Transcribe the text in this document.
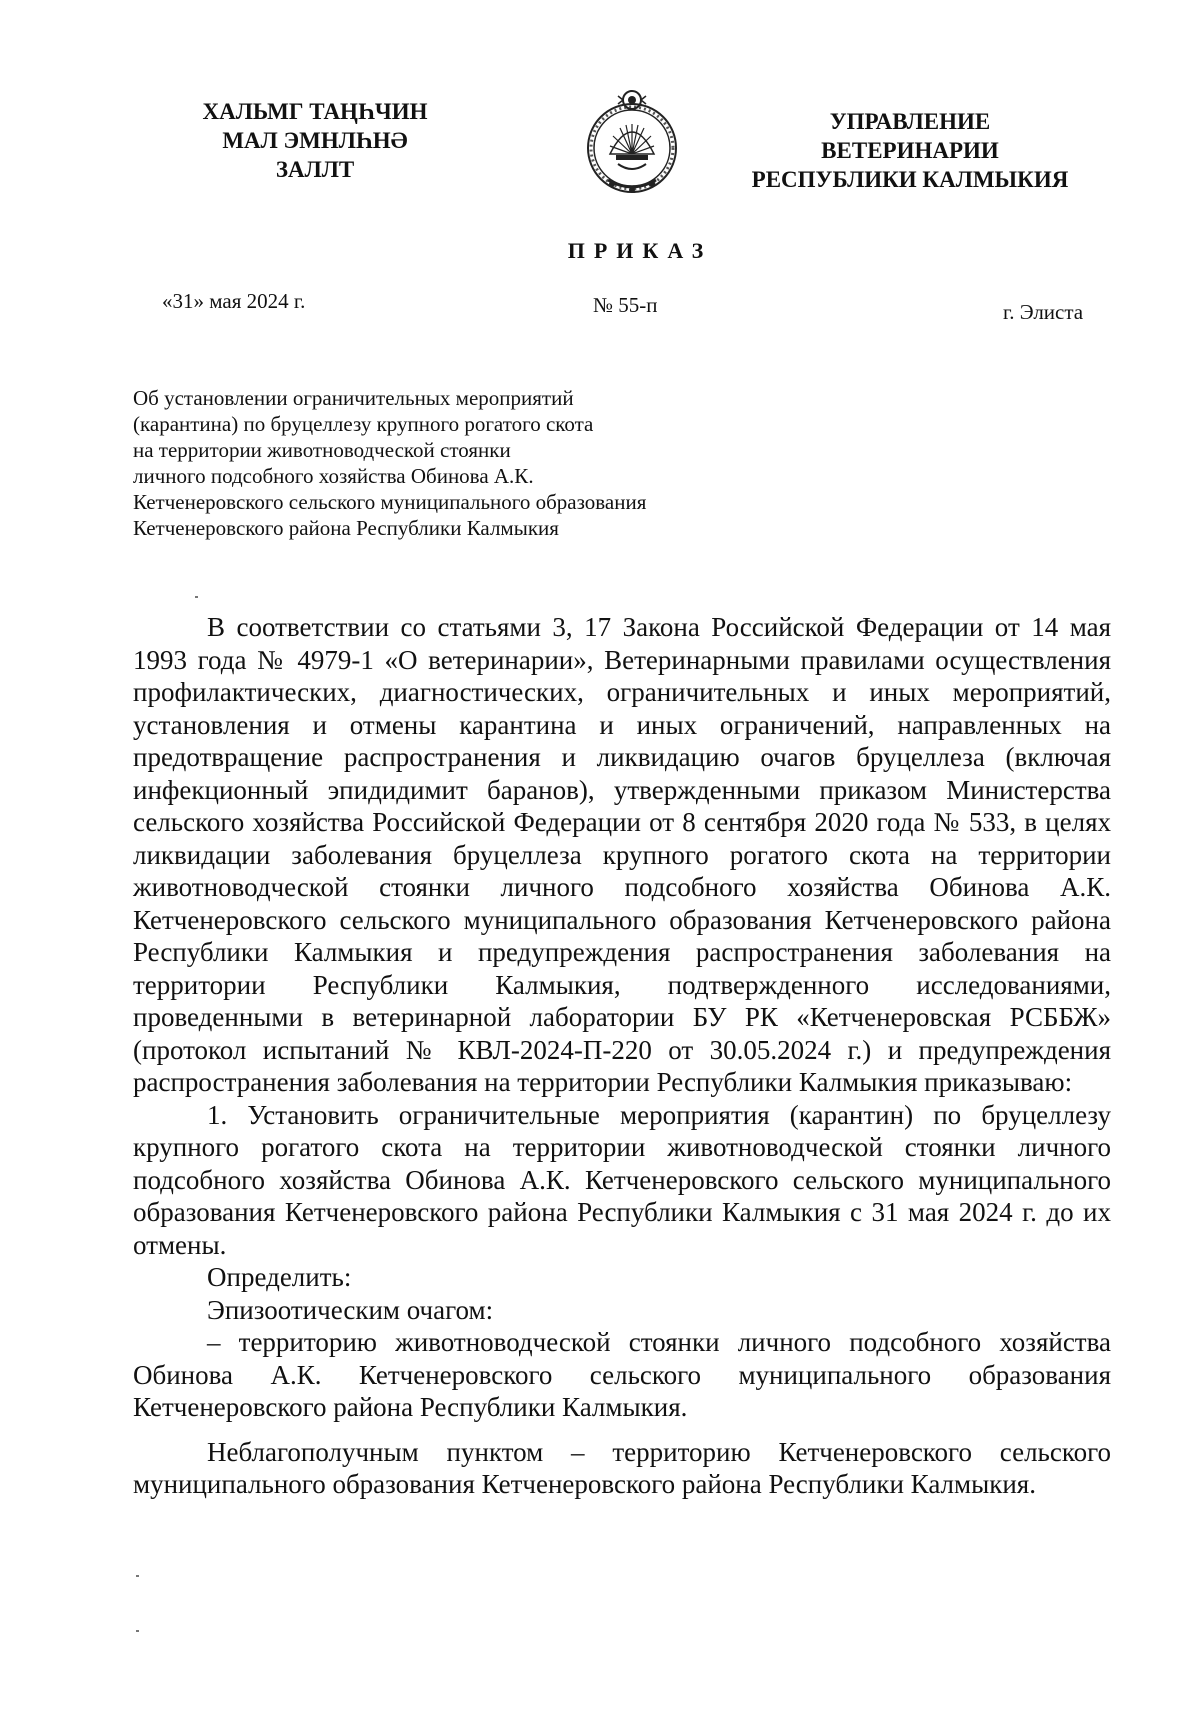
ХАЛЬМГ ТАҢҺЧИН
МАЛ ЭМНЛҺНӘ
ЗАЛЛТ
УПРАВЛЕНИЕ
ВЕТЕРИНАРИИ
РЕСПУБЛИКИ КАЛМЫКИЯ
ПРИКАЗ
«31» мая 2024 г.	№ 55-п	г. Элиста
Об установлении ограничительных мероприятий
(карантина) по бруцеллезу крупного рогатого скота
на территории животноводческой стоянки
личного подсобного хозяйства Обинова А.К.
Кетченеровского сельского муниципального образования
Кетченеровского района Республики Калмыкия

В соответствии со статьями 3, 17 Закона Российской Федерации от 14 мая 1993 года № 4979-1 «О ветеринарии», Ветеринарными правилами осуществления профилактических, диагностических, ограничительных и иных мероприятий, установления и отмены карантина и иных ограничений, направленных на предотвращение распространения и ликвидацию очагов бруцеллеза (включая инфекционный эпидидимит баранов), утвержденными приказом Министерства сельского хозяйства Российской Федерации от 8 сентября 2020 года № 533, в целях ликвидации заболевания бруцеллеза крупного рогатого скота на территории животноводческой стоянки личного подсобного хозяйства Обинова А.К. Кетченеровского сельского муниципального образования Кетченеровского района Республики Калмыкия и предупреждения распространения заболевания на территории Республики Калмыкия, подтвержденного исследованиями, проведенными в ветеринарной лаборатории БУ РК «Кетченеровская РСББЖ» (протокол испытаний № КВЛ-2024-П-220 от 30.05.2024 г.) и предупреждения распространения заболевания на территории Республики Калмыкия приказываю:

1. Установить ограничительные мероприятия (карантин) по бруцеллезу крупного рогатого скота на территории животноводческой стоянки личного подсобного хозяйства Обинова А.К. Кетченеровского сельского муниципального образования Кетченеровского района Республики Калмыкия с 31 мая 2024 г. до их отмены.

Определить:

Эпизоотическим очагом:

– территорию животноводческой стоянки личного подсобного хозяйства Обинова А.К. Кетченеровского сельского муниципального образования Кетченеровского района Республики Калмыкия.

Неблагополучным пунктом – территорию Кетченеровского сельского муниципального образования Кетченеровского района Республики Калмыкия.
